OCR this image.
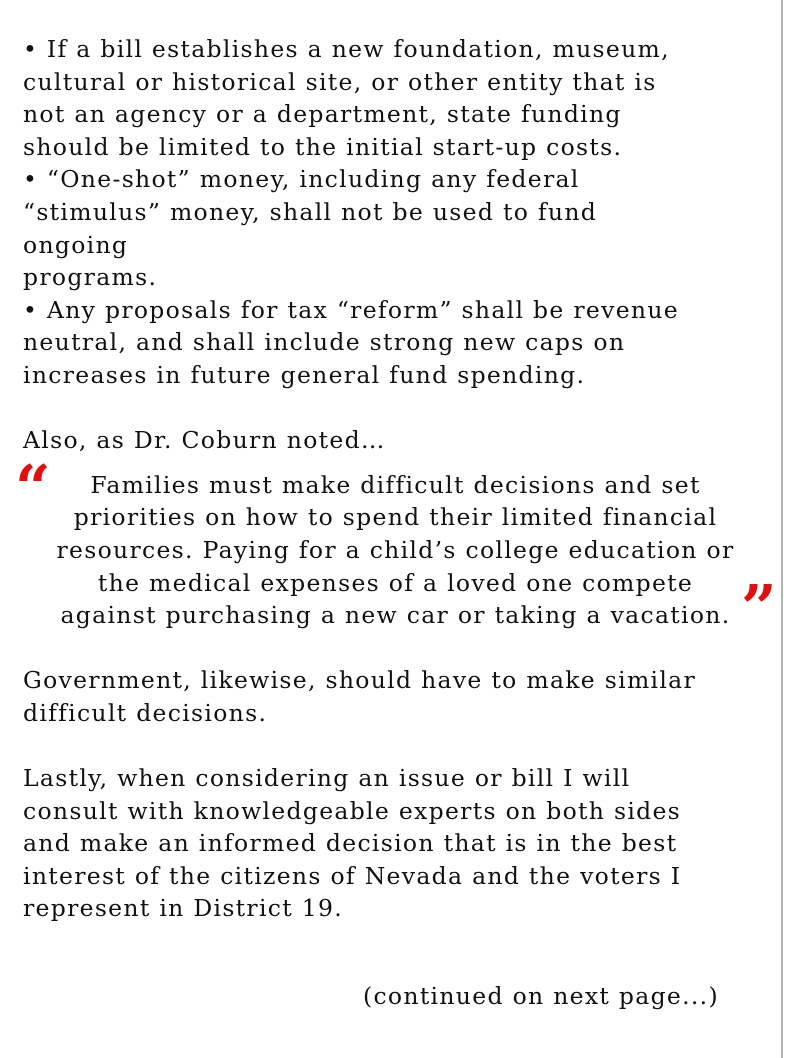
• If a bill establishes a new foundation, museum,
cultural or historical site, or other entity that is
not an agency or a department, state funding
should be limited to the initial start-up costs.
• “One-shot” money, including any federal
“stimulus” money, shall not be used to fund
ongoing
programs.
• Any proposals for tax “reform” shall be revenue
neutral, and shall include strong new caps on
increases in future general fund spending.

Also, as Dr. Coburn noted…

“	Families must make difficult decisions and set
priorities on how to spend their limited financial
resources. Paying for a child’s college education or
the medical expenses of a loved one compete
against purchasing a new car or taking a vacation. ”

Government, likewise, should have to make similar
difficult decisions.

Lastly, when considering an issue or bill I will
consult with knowledgeable experts on both sides
and make an informed decision that is in the best
interest of the citizens of Nevada and the voters I
represent in District 19.

(continued on next page...)
